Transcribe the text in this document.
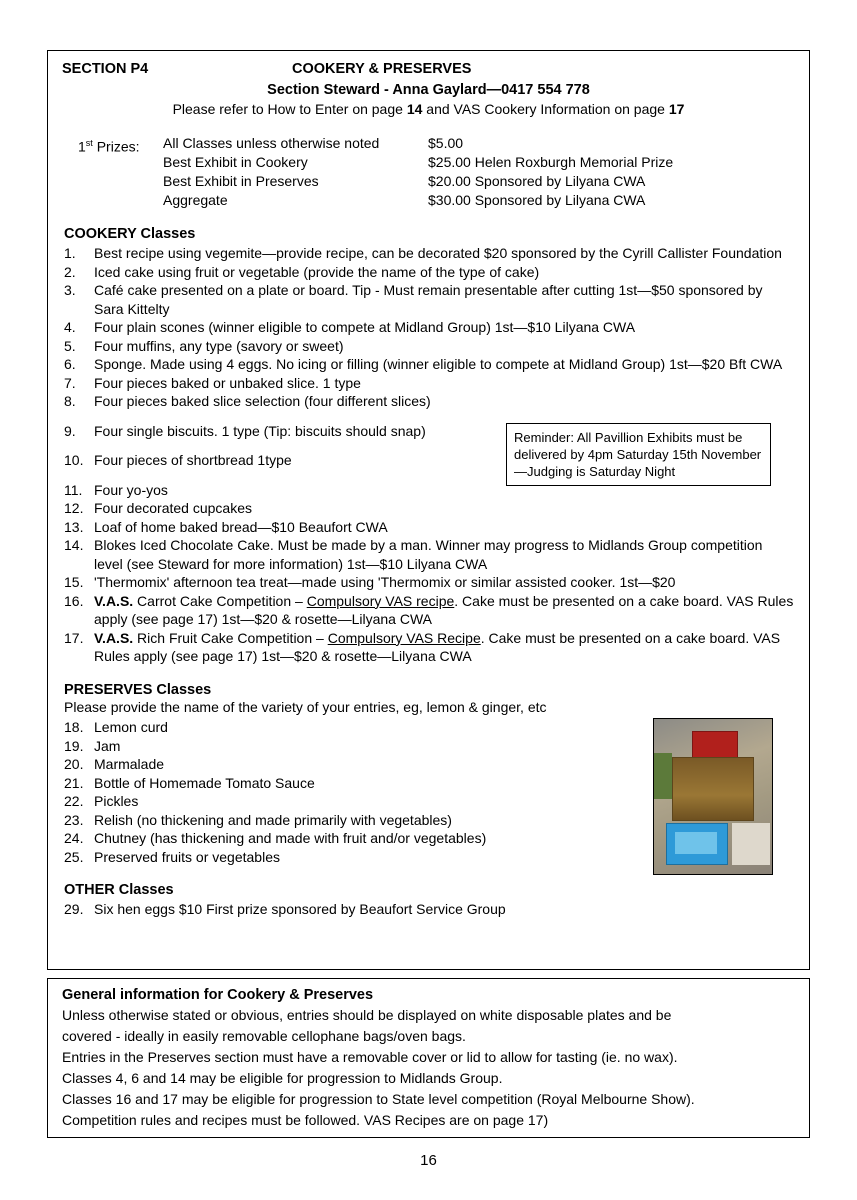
SECTION P4	COOKERY & PRESERVES
Section Steward - Anna Gaylard—0417 554 778
Please refer to How to Enter on page 14 and VAS Cookery Information on page 17
1st Prizes: All Classes unless otherwise noted	$5.00
Best Exhibit in Cookery	$25.00 Helen Roxburgh Memorial Prize
Best Exhibit in Preserves	$20.00 Sponsored by Lilyana CWA
Aggregate	$30.00 Sponsored by Lilyana CWA
COOKERY Classes
1.	Best recipe using vegemite—provide recipe, can be decorated $20 sponsored by the Cyrill Callister Foundation
2.	Iced cake using fruit or vegetable (provide the name of the type of cake)
3.	Café cake presented on a plate or board. Tip - Must remain presentable after cutting 1st—$50 sponsored by Sara Kittelty
4.	Four plain scones (winner eligible to compete at Midland Group) 1st—$10 Lilyana CWA
5.	Four muffins, any type (savory or sweet)
6.	Sponge. Made using 4 eggs. No icing or filling (winner eligible to compete at Midland Group) 1st—$20 Bft CWA
7.	Four pieces baked or unbaked slice. 1 type
8.	Four pieces baked slice selection (four different slices)
9.	Four single biscuits. 1 type (Tip: biscuits should snap)
10. Four pieces of shortbread 1type
11. Four yo-yos
12. Four decorated cupcakes
13. Loaf of home baked bread—$10 Beaufort CWA
14. Blokes Iced Chocolate Cake. Must be made by a man. Winner may progress to Midlands Group competition level (see Steward for more information) 1st—$10 Lilyana CWA
15. 'Thermomix' afternoon tea treat—made using 'Thermomix or similar assisted cooker. 1st—$20
16. V.A.S. Carrot Cake Competition – Compulsory VAS recipe. Cake must be presented on a cake board. VAS Rules apply (see page 17) 1st—$20 & rosette—Lilyana CWA
17. V.A.S. Rich Fruit Cake Competition – Compulsory VAS Recipe. Cake must be presented on a cake board. VAS Rules apply (see page 17) 1st—$20 & rosette—Lilyana CWA
PRESERVES Classes
Please provide the name of the variety of your entries, eg, lemon & ginger, etc
18. Lemon curd
19. Jam
20. Marmalade
21. Bottle of Homemade Tomato Sauce
22. Pickles
23. Relish (no thickening and made primarily with vegetables)
24. Chutney (has thickening and made with fruit and/or vegetables)
25. Preserved fruits or vegetables
OTHER Classes
29. Six hen eggs $10 First prize sponsored by Beaufort Service Group
Reminder: All Pavillion Exhibits must be delivered by 4pm Saturday 15th November—Judging is Saturday Night
General information for Cookery & Preserves
Unless otherwise stated or obvious, entries should be displayed on white disposable plates and be
covered - ideally in easily removable cellophane bags/oven bags.
Entries in the Preserves section must have a removable cover or lid to allow for tasting (ie. no wax).
Classes 4, 6 and 14 may be eligible for progression to Midlands Group.
Classes 16 and 17 may be eligible for progression to State level competition (Royal Melbourne Show).
Competition rules and recipes must be followed. VAS Recipes are on page 17)
16
